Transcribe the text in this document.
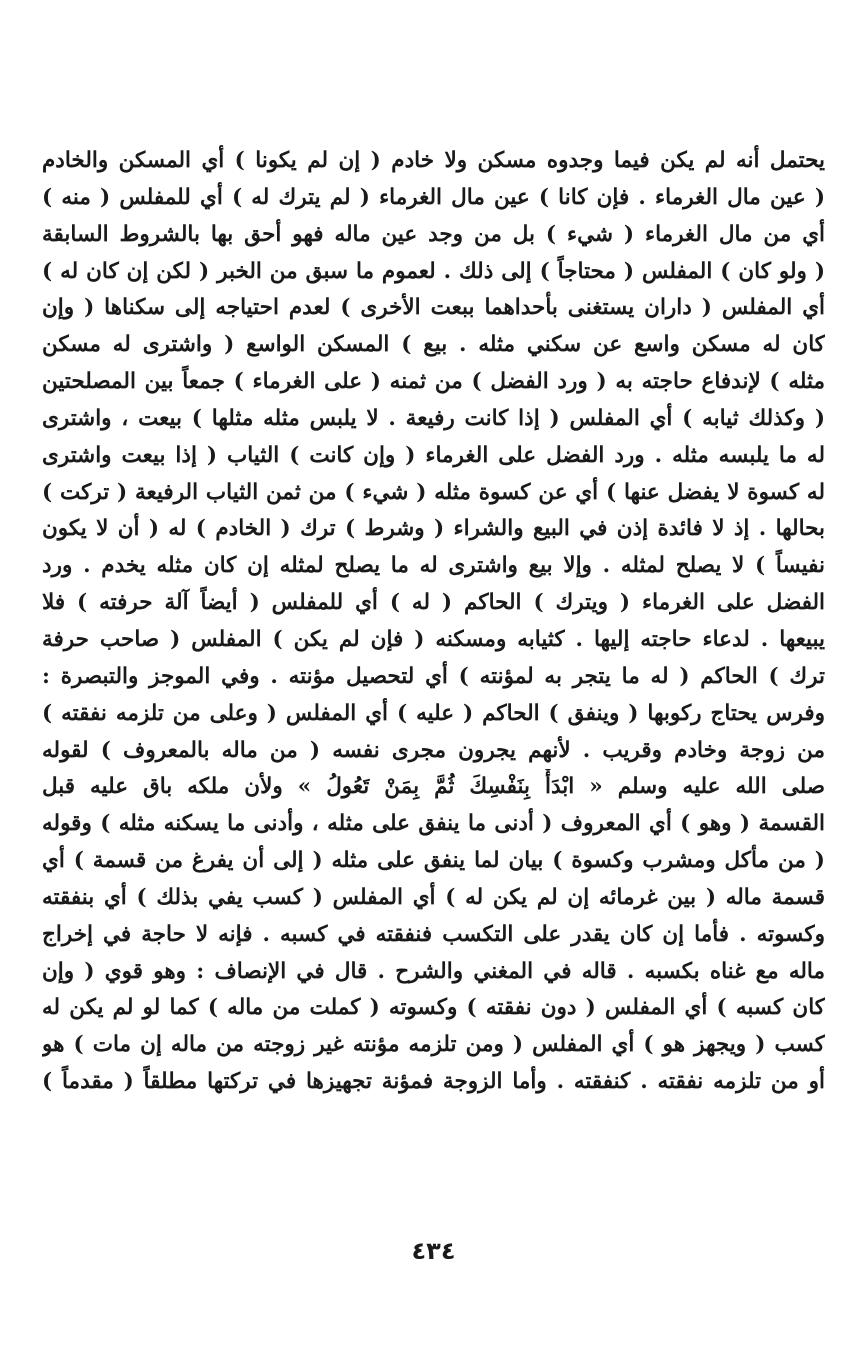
يحتمل أنه لم يكن فيما وجدوه مسكن ولا خادم ( إن لم يكونا ) أي المسكن والخادم
( عين مال الغرماء . فإن كانا ) عين مال الغرماء ( لم يترك له ) أي للمفلس ( منه )
أي من مال الغرماء ( شيء ) بل من وجد عين ماله فهو أحق بها بالشروط السابقة
( ولو كان ) المفلس ( محتاجاً ) إلى ذلك . لعموم ما سبق من الخبر ( لكن إن كان له )
أي المفلس ( داران يستغنى بأحداهما ببعت الأخرى ) لعدم احتياجه إلى سكناها ( وإن
كان له مسكن واسع عن سكني مثله . بيع ) المسكن الواسع ( واشترى له مسكن
مثله ) لإندفاع حاجته به ( ورد الفضل ) من ثمنه ( على الغرماء ) جمعاً بين المصلحتين
( وكذلك ثيابه ) أي المفلس ( إذا كانت رفيعة . لا يلبس مثله مثلها ) بيعت ، واشترى
له ما يلبسه مثله . ورد الفضل على الغرماء ( وإن كانت ) الثياب ( إذا بيعت واشترى
له كسوة لا يفضل عنها ) أي عن كسوة مثله ( شيء ) من ثمن الثياب الرفيعة ( تركت )
بحالها . إذ لا فائدة إذن في البيع والشراء ( وشرط ) ترك ( الخادم ) له ( أن لا يكون
نفيساً ) لا يصلح لمثله . وإلا بيع واشترى له ما يصلح لمثله إن كان مثله يخدم . ورد
الفضل على الغرماء ( ويترك ) الحاكم ( له ) أي للمفلس ( أيضاً آلة حرفته ) فلا
يبيعها . لدعاء حاجته إليها . كثيابه ومسكنه ( فإن لم يكن ) المفلس ( صاحب حرفة
ترك ) الحاكم ( له ما يتجر به لمؤنته ) أي لتحصيل مؤنته . وفي الموجز والتبصرة :
وفرس يحتاج ركوبها ( وينفق ) الحاكم ( عليه ) أي المفلس ( وعلى من تلزمه نفقته )
من زوجة وخادم وقريب . لأنهم يجرون مجرى نفسه ( من ماله بالمعروف ) لقوله
صلى الله عليه وسلم « ابْدَأْ بِنَفْسِكَ ثُمَّ بِمَنْ تَعُولُ » ولأن ملكه باق عليه قبل
القسمة ( وهو ) أي المعروف ( أدنى ما ينفق على مثله ، وأدنى ما يسكنه مثله ) وقوله
( من مأكل ومشرب وكسوة ) بيان لما ينفق على مثله ( إلى أن يفرغ من قسمة ) أي
قسمة ماله ( بين غرمائه إن لم يكن له ) أي المفلس ( كسب يفي بذلك ) أي بنفقته
وكسوته . فأما إن كان يقدر على التكسب فنفقته في كسبه . فإنه لا حاجة في إخراج
ماله مع غناه بكسبه . قاله في المغني والشرح . قال في الإنصاف : وهو قوي ( وإن
كان كسبه ) أي المفلس ( دون نفقته ) وكسوته ( كملت من ماله ) كما لو لم يكن له
كسب ( ويجهز هو ) أي المفلس ( ومن تلزمه مؤنته غير زوجته من ماله إن مات ) هو
أو من تلزمه نفقته . كنفقته . وأما الزوجة فمؤنة تجهيزها في تركتها مطلقاً ( مقدماً )
٤٣٤
